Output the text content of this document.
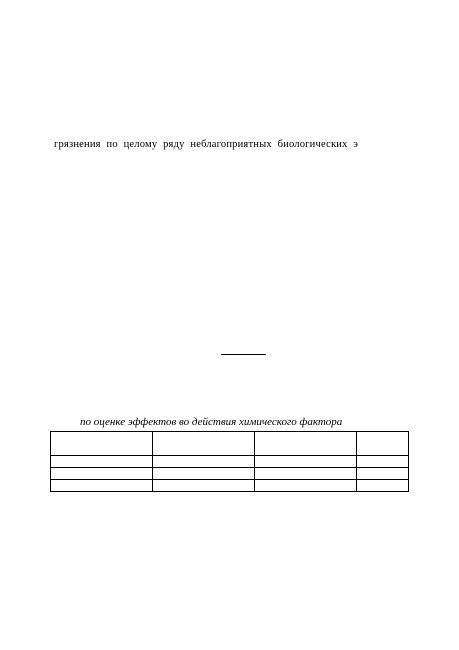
грязнения по целому ряду неблагоприятных биологических э
по оценке эффектов во действия химического фактора
